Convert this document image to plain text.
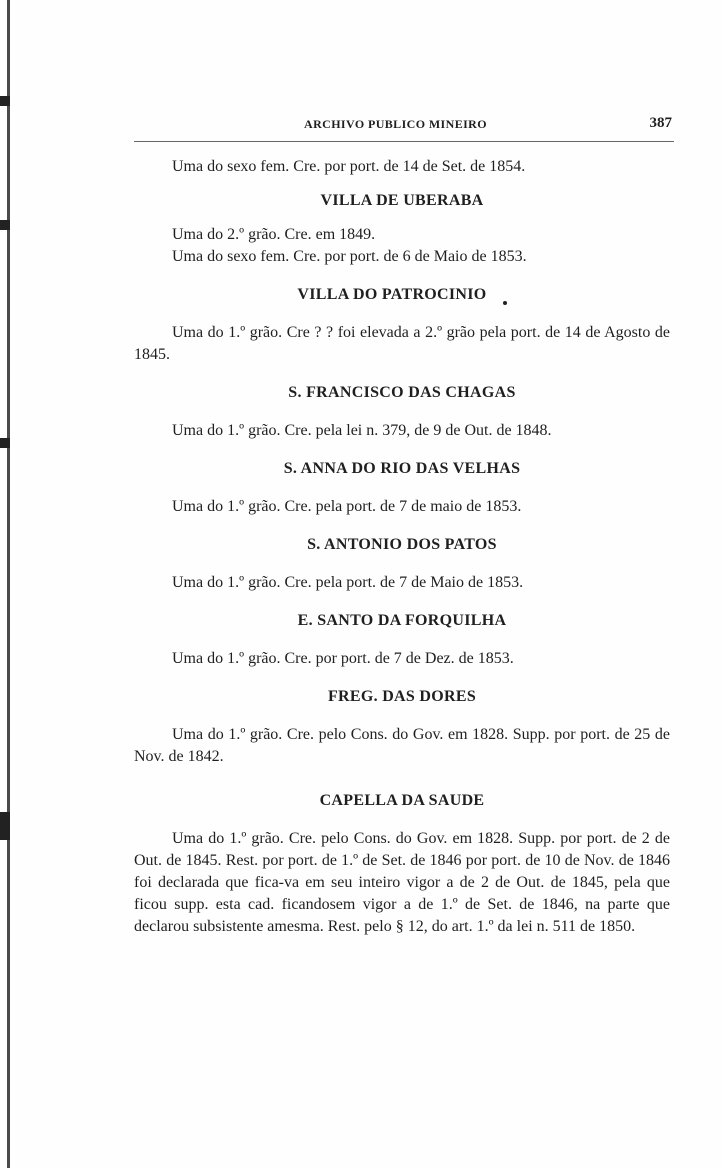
ARCHIVO PUBLICO MINEIRO	387

Uma do sexo fem. Cre. por port. de 14 de Set. de 1854.

VILLA DE UBERABA

Uma do 2.º grão. Cre. em 1849.

Uma do sexo fem. Cre. por port. de 6 de Maio de 1853.

VILLA DO PATROCINIO

Uma do 1.º grão. Cre ? ? foi elevada a 2.º grão pela port. de 14 de Agosto de 1845.

S. FRANCISCO DAS CHAGAS

Uma do 1.º grão. Cre. pela lei n. 379, de 9 de Out. de 1848.

S. ANNA DO RIO DAS VELHAS

Uma do 1.º grão. Cre. pela port. de 7 de maio de 1853.

S. ANTONIO DOS PATOS

Uma do 1.º grão. Cre. pela port. de 7 de Maio de 1853.

E. SANTO DA FORQUILHA

Uma do 1.º grão. Cre. por port. de 7 de Dez. de 1853.

FREG. DAS DORES

Uma do 1.º grão. Cre. pelo Cons. do Gov. em 1828. Supp. por port. de 25 de Nov. de 1842.

CAPELLA DA SAUDE

Uma do 1.º grão. Cre. pelo Cons. do Gov. em 1828. Supp. por port. de 2 de Out. de 1845. Rest. por port. de 1.º de Set. de 1846 por port. de 10 de Nov. de 1846 foi declarada que fica-va em seu inteiro vigor a de 2 de Out. de 1845, pela que ficou supp. esta cad. ficandosem vigor a de 1.º de Set. de 1846, na parte que declarou subsistente amesma. Rest. pelo § 12, do art. 1.º da lei n. 511 de 1850.
